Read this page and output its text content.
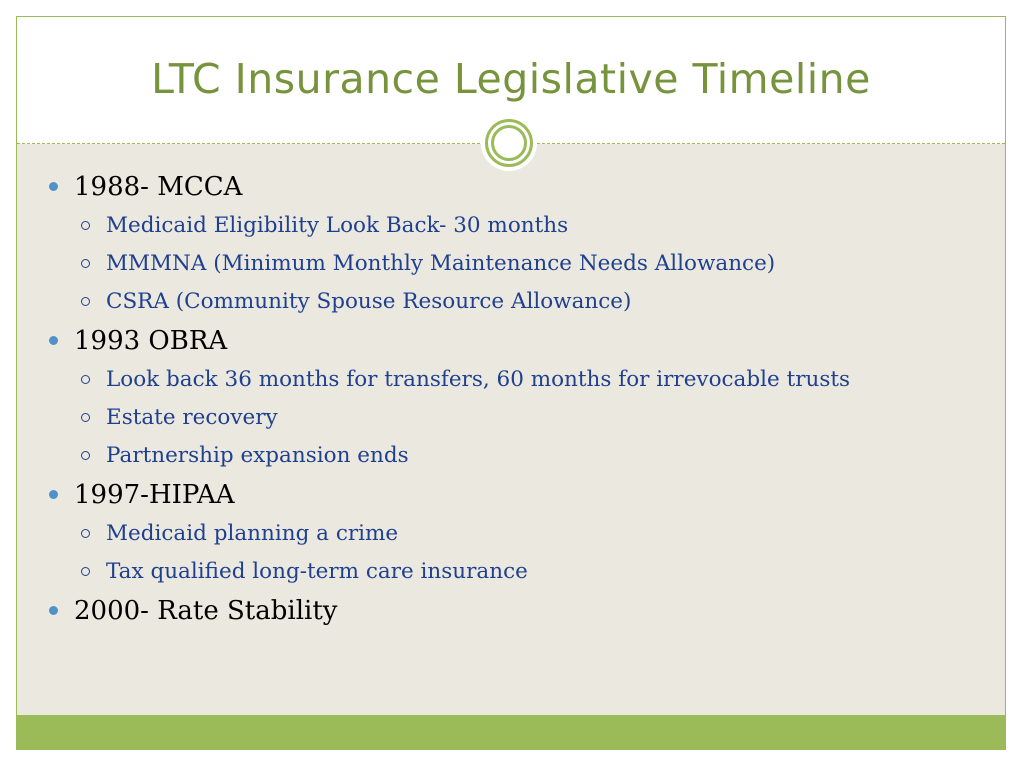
LTC Insurance Legislative Timeline
1988- MCCA
Medicaid Eligibility Look Back- 30 months
MMMNA (Minimum Monthly Maintenance Needs Allowance)
CSRA (Community Spouse Resource Allowance)
1993 OBRA
Look back 36 months for transfers, 60 months for irrevocable trusts
Estate recovery
Partnership expansion ends
1997-HIPAA
Medicaid planning a crime
Tax qualified long-term care insurance
2000- Rate Stability
